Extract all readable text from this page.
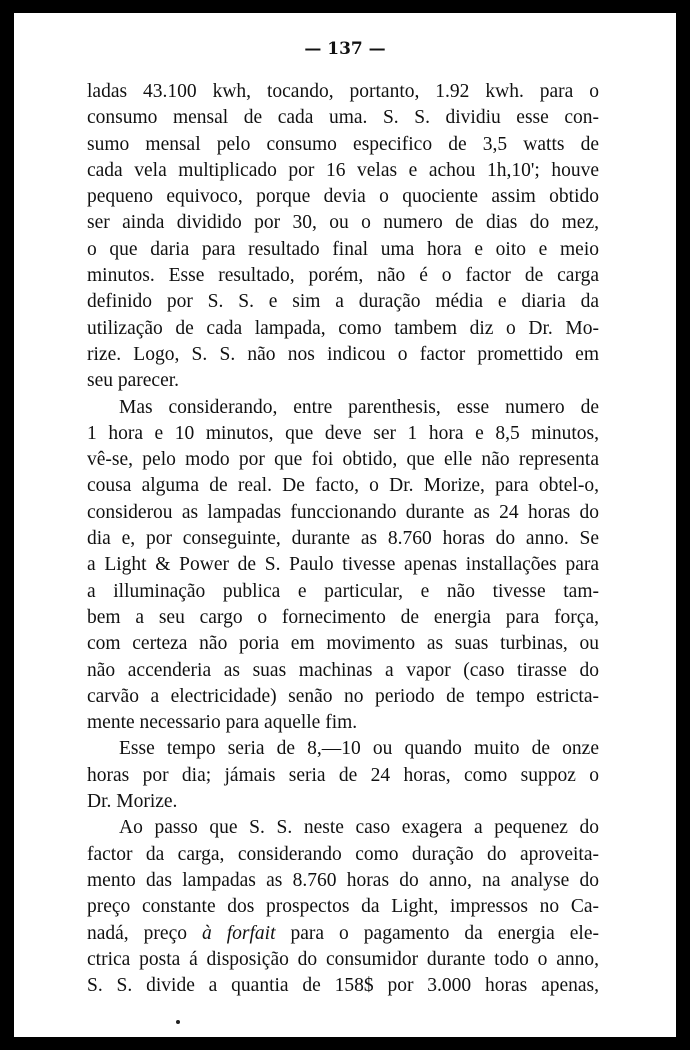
— 137 —
ladas 43.100 kwh, tocando, portanto, 1.92 kwh. para o
consumo mensal de cada uma. S. S. dividiu esse con-
sumo mensal pelo consumo especifico de 3,5 watts de
cada vela multiplicado por 16 velas e achou 1h,10'; houve
pequeno equivoco, porque devia o quociente assim obtido
ser ainda dividido por 30, ou o numero de dias do mez,
o que daria para resultado final uma hora e oito e meio
minutos. Esse resultado, porém, não é o factor de carga
definido por S. S. e sim a duração média e diaria da
utilização de cada lampada, como tambem diz o Dr. Mo-
rize. Logo, S. S. não nos indicou o factor promettido em
seu parecer.
Mas considerando, entre parenthesis, esse numero de
1 hora e 10 minutos, que deve ser 1 hora e 8,5 minutos,
vê-se, pelo modo por que foi obtido, que elle não representa
cousa alguma de real. De facto, o Dr. Morize, para obtel-o,
considerou as lampadas funccionando durante as 24 horas do
dia e, por conseguinte, durante as 8.760 horas do anno. Se
a Light & Power de S. Paulo tivesse apenas installações para
a illuminação publica e particular, e não tivesse tam-
bem a seu cargo o fornecimento de energia para força,
com certeza não poria em movimento as suas turbinas, ou
não accenderia as suas machinas a vapor (caso tirasse do
carvão a electricidade) senão no periodo de tempo estricta-
mente necessario para aquelle fim.
Esse tempo seria de 8,—10 ou quando muito de onze
horas por dia; jámais seria de 24 horas, como suppoz o
Dr. Morize.
Ao passo que S. S. neste caso exagera a pequenez do
factor da carga, considerando como duração do aproveita-
mento das lampadas as 8.760 horas do anno, na analyse do
preço constante dos prospectos da Light, impressos no Ca-
nadá, preço à forfait para o pagamento da energia ele-
ctrica posta á disposição do consumidor durante todo o anno,
S. S. divide a quantia de 158$ por 3.000 horas apenas,
